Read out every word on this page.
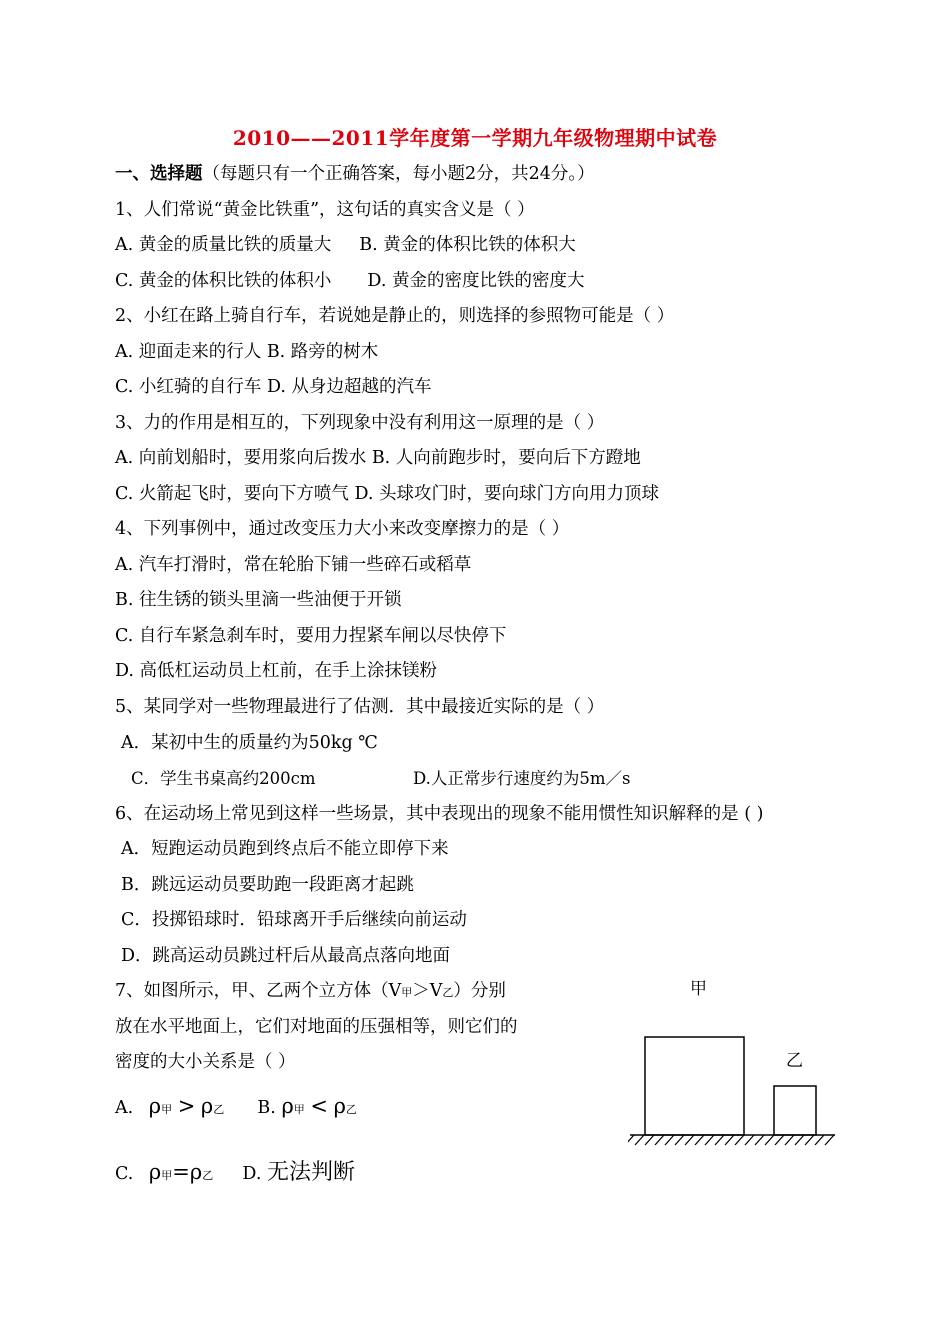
2010——2011学年度第一学期九年级物理期中试卷
一、选择题（每题只有一个正确答案，每小题2分，共24分。）
1、人们常说“黄金比铁重”，这句话的真实含义是（ ）
A. 黄金的质量比铁的质量大 B. 黄金的体积比铁的体积大
C. 黄金的体积比铁的体积小 D. 黄金的密度比铁的密度大
2、小红在路上骑自行车，若说她是静止的，则选择的参照物可能是（ ）
A. 迎面走来的行人 B. 路旁的树木
C. 小红骑的自行车 D. 从身边超越的汽车
3、力的作用是相互的，下列现象中没有利用这一原理的是（ ）
A. 向前划船时，要用浆向后拨水 B. 人向前跑步时，要向后下方蹬地
C. 火箭起飞时，要向下方喷气 D. 头球攻门时，要向球门方向用力顶球
4、下列事例中，通过改变压力大小来改变摩擦力的是（ ）
A. 汽车打滑时，常在轮胎下铺一些碎石或稻草
B. 往生锈的锁头里滴一些油便于开锁
C. 自行车紧急刹车时，要用力捏紧车闸以尽快停下
D. 高低杠运动员上杠前，在手上涂抹镁粉
5、某同学对一些物理最进行了估测．其中最接近实际的是（ ）
A．某初中生的质量约为50kg ℃
C．学生书桌高约200cm	D.人正常步行速度约为5m／s
6、在运动场上常见到这样一些场景，其中表现出的现象不能用惯性知识解释的是 ( )
A．短跑运动员跑到终点后不能立即停下来
B．跳远运动员要助跑一段距离才起跳
C．投掷铅球时．铅球离开手后继续向前运动
D．跳高运动员跳过杆后从最高点落向地面
7、如图所示，甲、乙两个立方体（V甲＞V乙）分别
放在水平地面上，它们对地面的压强相等，则它们的
密度的大小关系是（ ）
A. ρ甲 > ρ乙 B. ρ甲 < ρ乙
C. ρ甲=ρ乙 D. 无法判断
甲
乙
